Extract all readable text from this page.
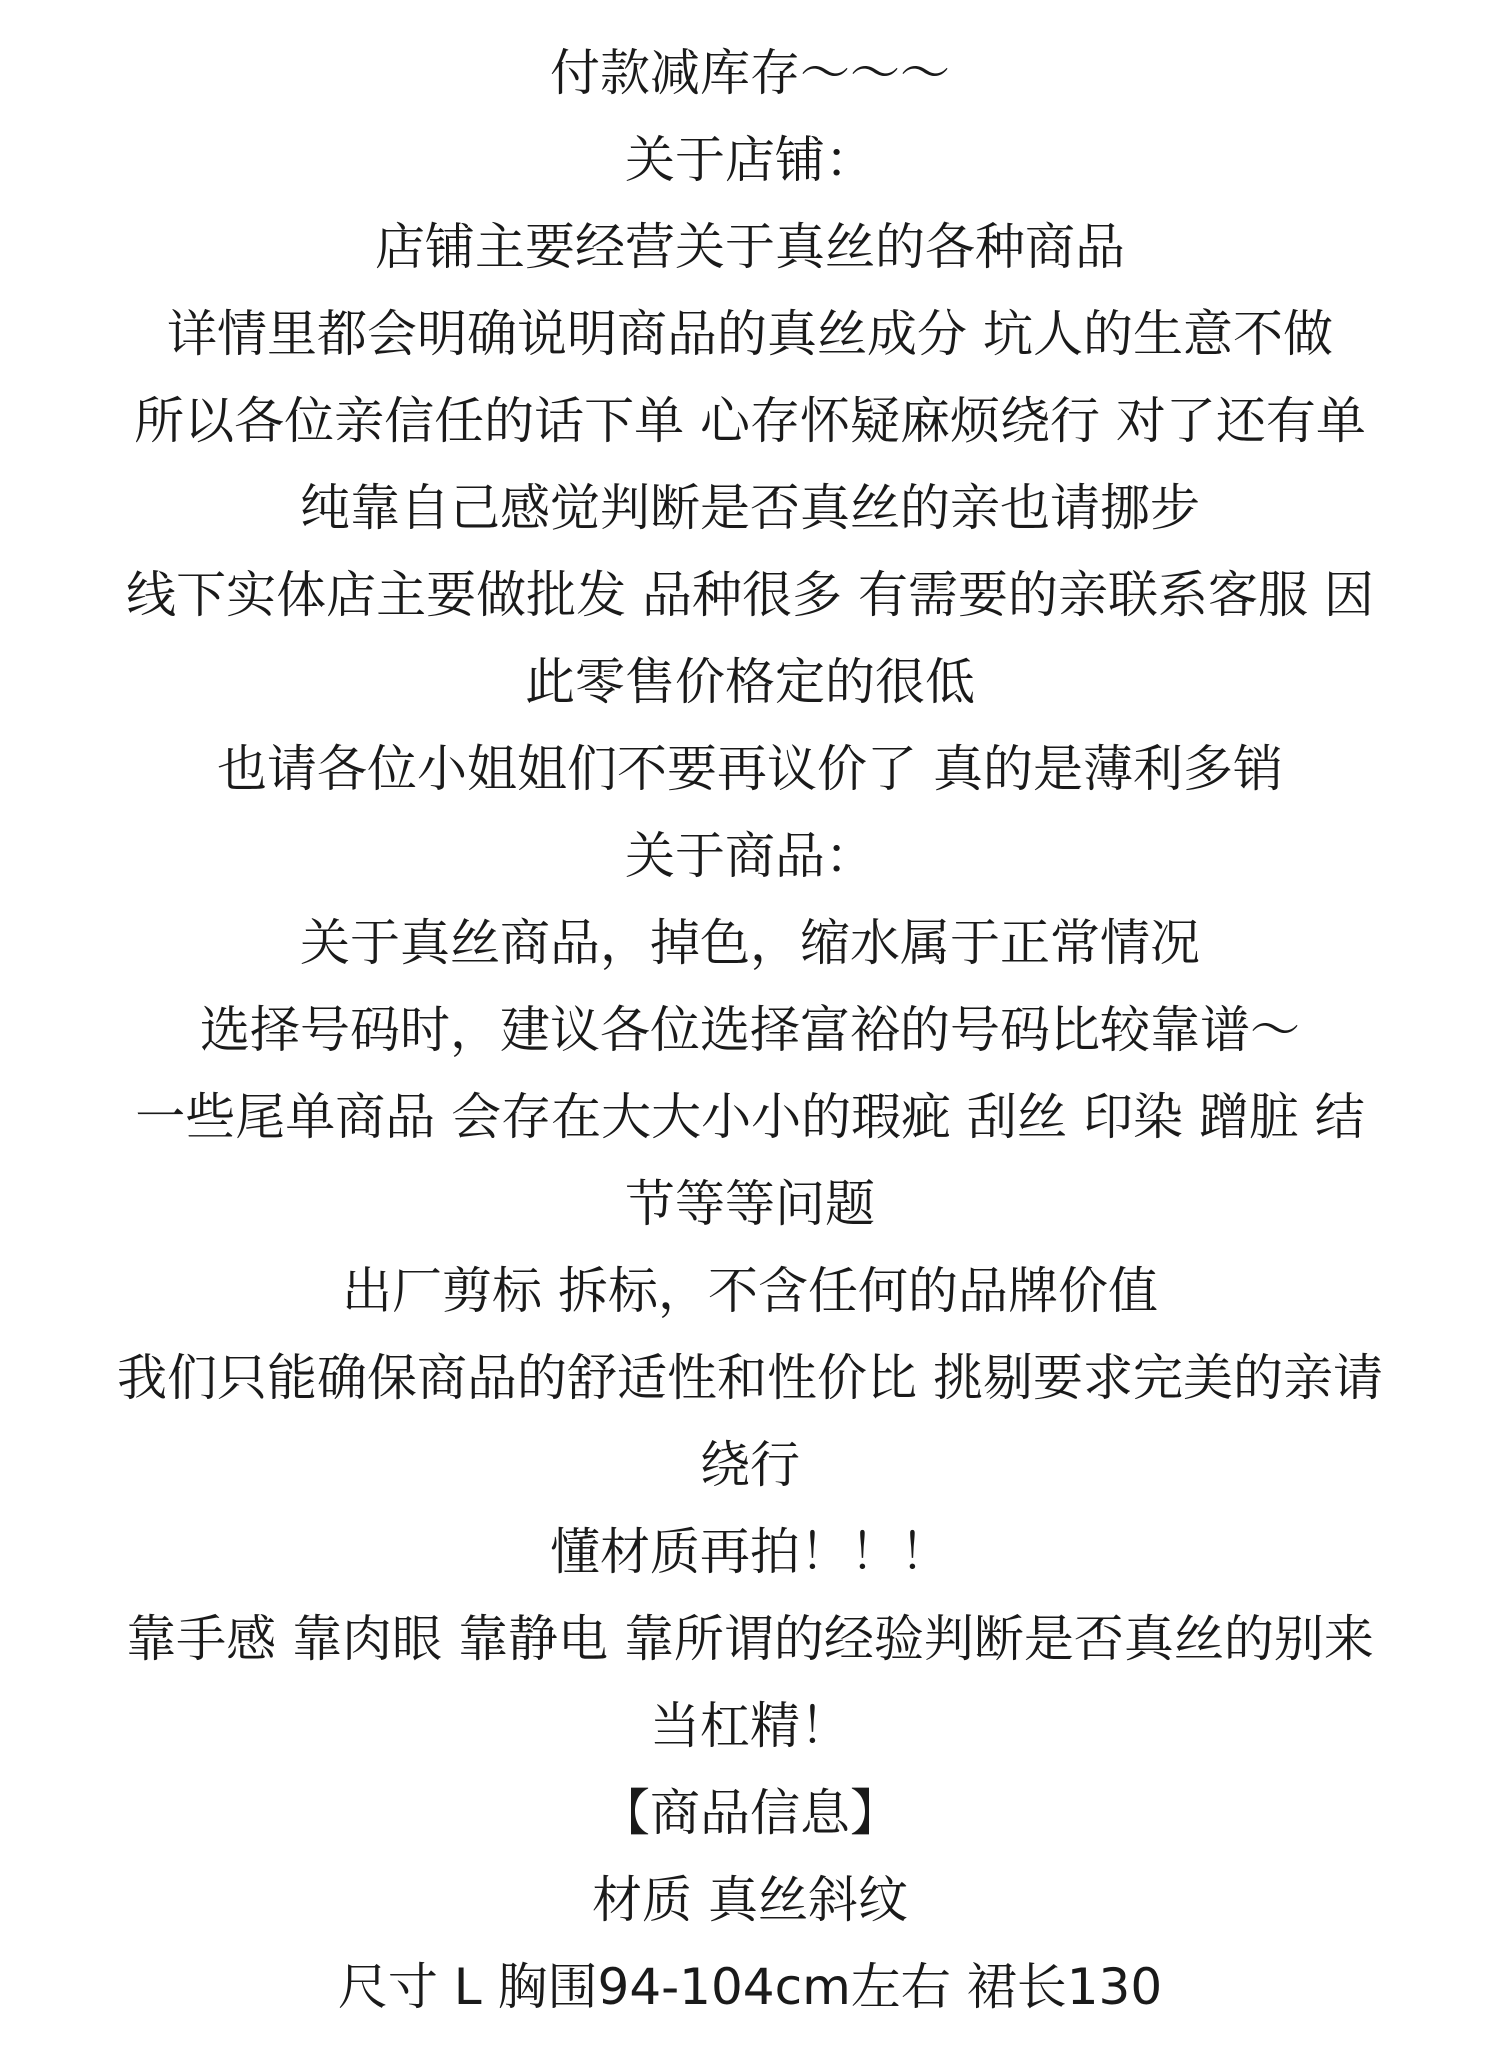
付款减库存～～～
关于店铺：
店铺主要经营关于真丝的各种商品
详情里都会明确说明商品的真丝成分 坑人的生意不做
所以各位亲信任的话下单 心存怀疑麻烦绕行 对了还有单
纯靠自己感觉判断是否真丝的亲也请挪步
线下实体店主要做批发 品种很多 有需要的亲联系客服 因
此零售价格定的很低
也请各位小姐姐们不要再议价了 真的是薄利多销
关于商品：
关于真丝商品，掉色，缩水属于正常情况
选择号码时，建议各位选择富裕的号码比较靠谱～
一些尾单商品 会存在大大小小的瑕疵 刮丝 印染 蹭脏 结
节等等问题
出厂剪标 拆标，不含任何的品牌价值
我们只能确保商品的舒适性和性价比 挑剔要求完美的亲请
绕行
懂材质再拍！！！
靠手感 靠肉眼 靠静电 靠所谓的经验判断是否真丝的别来
当杠精！
【商品信息】
材质 真丝斜纹
尺寸 L 胸围94-104cm左右 裙长130
